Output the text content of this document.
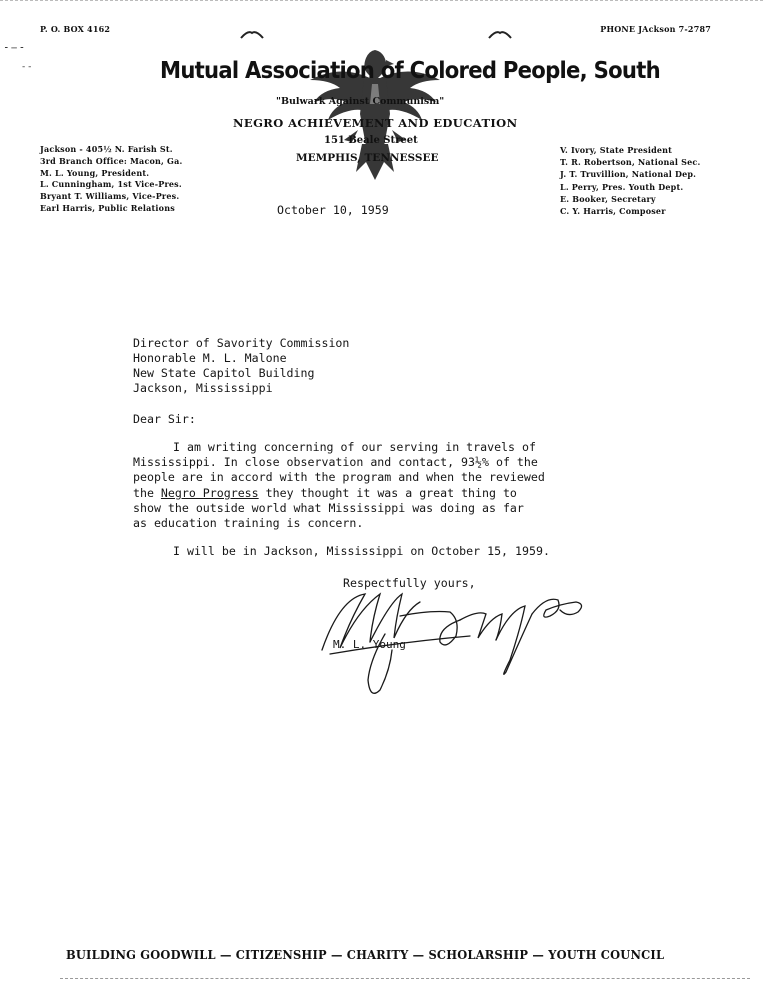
⁃ ─ ⁃
‐ ‐
P. O. BOX 4162	PHONE JAckson 7-2787
Mutual Association of Colored People, South
"Bulwark Against Communism"
NEGRO ACHIEVEMENT AND EDUCATION
151 Beale Street
MEMPHIS, TENNESSEE
Jackson - 405½ N. Farish St.
3rd Branch Office: Macon, Ga.
M. L. Young, President.
L. Cunningham, 1st Vice-Pres.
Bryant T. Williams, Vice-Pres.
Earl Harris, Public Relations
V. Ivory, State President
T. R. Robertson, National Sec.
J. T. Truvillion, National Dep.
L. Perry, Pres. Youth Dept.
E. Booker, Secretary
C. Y. Harris, Composer
October 10, 1959
Director of Savority Commission
Honorable M. L. Malone
New State Capitol Building
Jackson, Mississippi
Dear Sir:
I am writing concerning of our serving in travels of
Mississippi. In close observation and contact, 93½% of the
people are in accord with the program and when the reviewed
the Negro Progress they thought it was a great thing to
show the outside world what Mississippi was doing as far
as education training is concern.
I will be in Jackson, Mississippi on October 15, 1959.
Respectfully yours,
M. L. Young
BUILDING GOODWILL — CITIZENSHIP — CHARITY — SCHOLARSHIP — YOUTH COUNCIL
